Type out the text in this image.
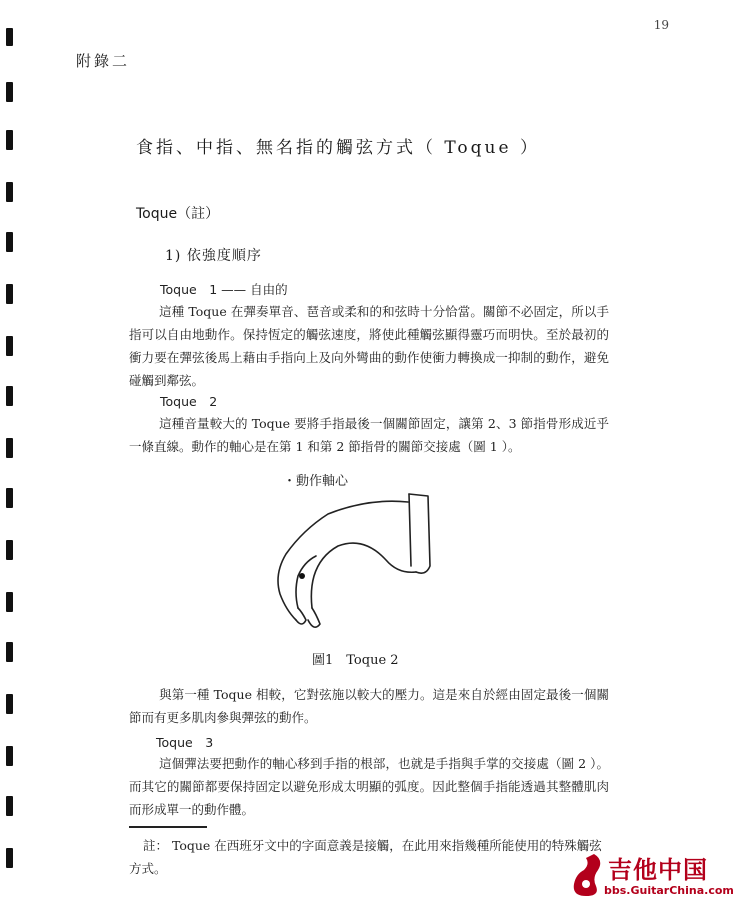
19
附錄二
食指、中指、無名指的觸弦方式（ Toque ）
Toque（註）
1) 依強度順序
Toque　1 —— 自由的
這種 Toque 在彈奏單音、琶音或柔和的和弦時十分恰當。關節不必固定，所以手指可以自由地動作。保持恆定的觸弦速度，將使此種觸弦顯得靈巧而明快。至於最初的衝力要在彈弦後馬上藉由手指向上及向外彎曲的動作使衝力轉換成一抑制的動作，避免碰觸到鄰弦。
Toque　2
這種音量較大的 Toque 要將手指最後一個關節固定，讓第 2、3 節指骨形成近乎一條直線。動作的軸心是在第 1 和第 2 節指骨的關節交接處（圖 1 ）。
・動作軸心
圖1　Toque 2
與第一種 Toque 相較，它對弦施以較大的壓力。這是來自於經由固定最後一個關節而有更多肌肉參與彈弦的動作。
Toque　3
這個彈法要把動作的軸心移到手指的根部，也就是手指與手掌的交接處（圖 2 ）。而其它的關節都要保持固定以避免形成太明顯的弧度。因此整個手指能透過其整體肌肉而形成單一的動作體。
註： Toque 在西班牙文中的字面意義是接觸，在此用來指幾種所能使用的特殊觸弦方式。	吉他中国
bbs.GuitarChina.com
